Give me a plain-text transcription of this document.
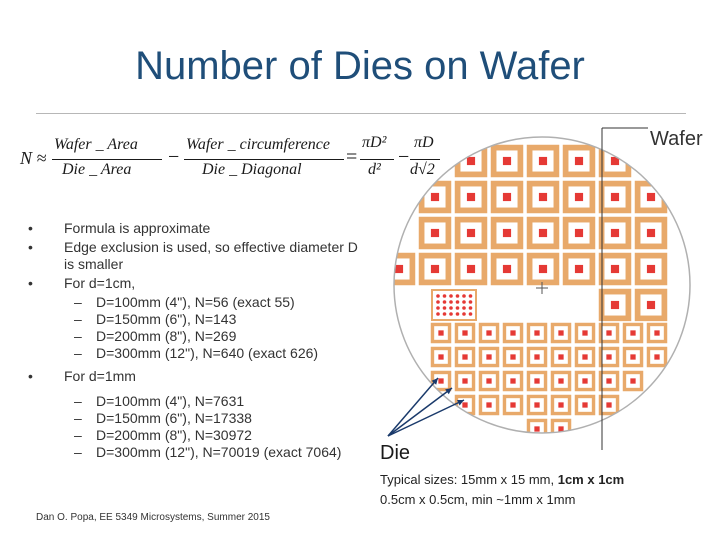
Number of Dies on Wafer
N ≈
Wafer _ Area
Die _ Area
−
Wafer _ circumference
Die _ Diagonal
=
πD²
d²
−
πD
d√2
• Formula is approximate
• Edge exclusion is used, so effective diameter D is smaller
• For d=1cm,
– D=100mm (4"), N=56 (exact 55)
– D=150mm (6"), N=143
– D=200mm (8"), N=269
– D=300mm (12"), N=640 (exact 626)
• For d=1mm
– D=100mm (4"), N=7631
– D=150mm (6"), N=17338
– D=200mm (8"), N=30972
– D=300mm (12"), N=70019 (exact 7064)
Wafer
Die
Typical sizes: 15mm x 15 mm, 1cm x 1cm
0.5cm x 0.5cm, min ~1mm x 1mm
Dan O. Popa, EE 5349 Microsystems, Summer 2015
